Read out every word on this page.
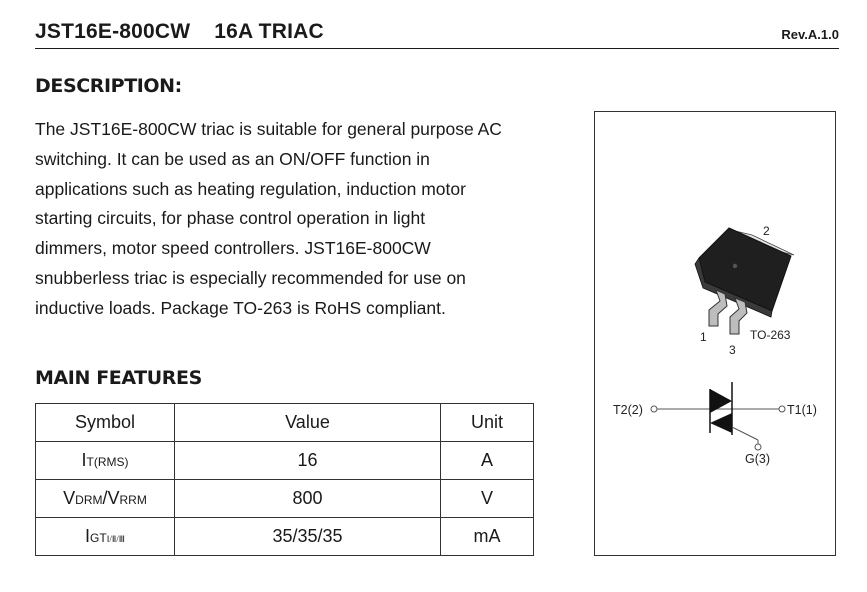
JST16E-800CW 16A TRIAC	Rev.A.1.0
DESCRIPTION:
The JST16E-800CW triac is suitable for general purpose AC
switching. It can be used as an ON/OFF function in
applications such as heating regulation, induction motor
starting circuits, for phase control operation in light
dimmers, motor speed controllers. JST16E-800CW
snubberless triac is especially recommended for use on
inductive loads. Package TO-263 is RoHS compliant.
MAIN FEATURES
Symbol	Value	Unit
IT(RMS)	16	A
VDRM/VRRM	800	V
IGTⅠ/Ⅱ/Ⅲ	35/35/35	mA
2
1
3
TO-263
T2(2)	T1(1)
G(3)
